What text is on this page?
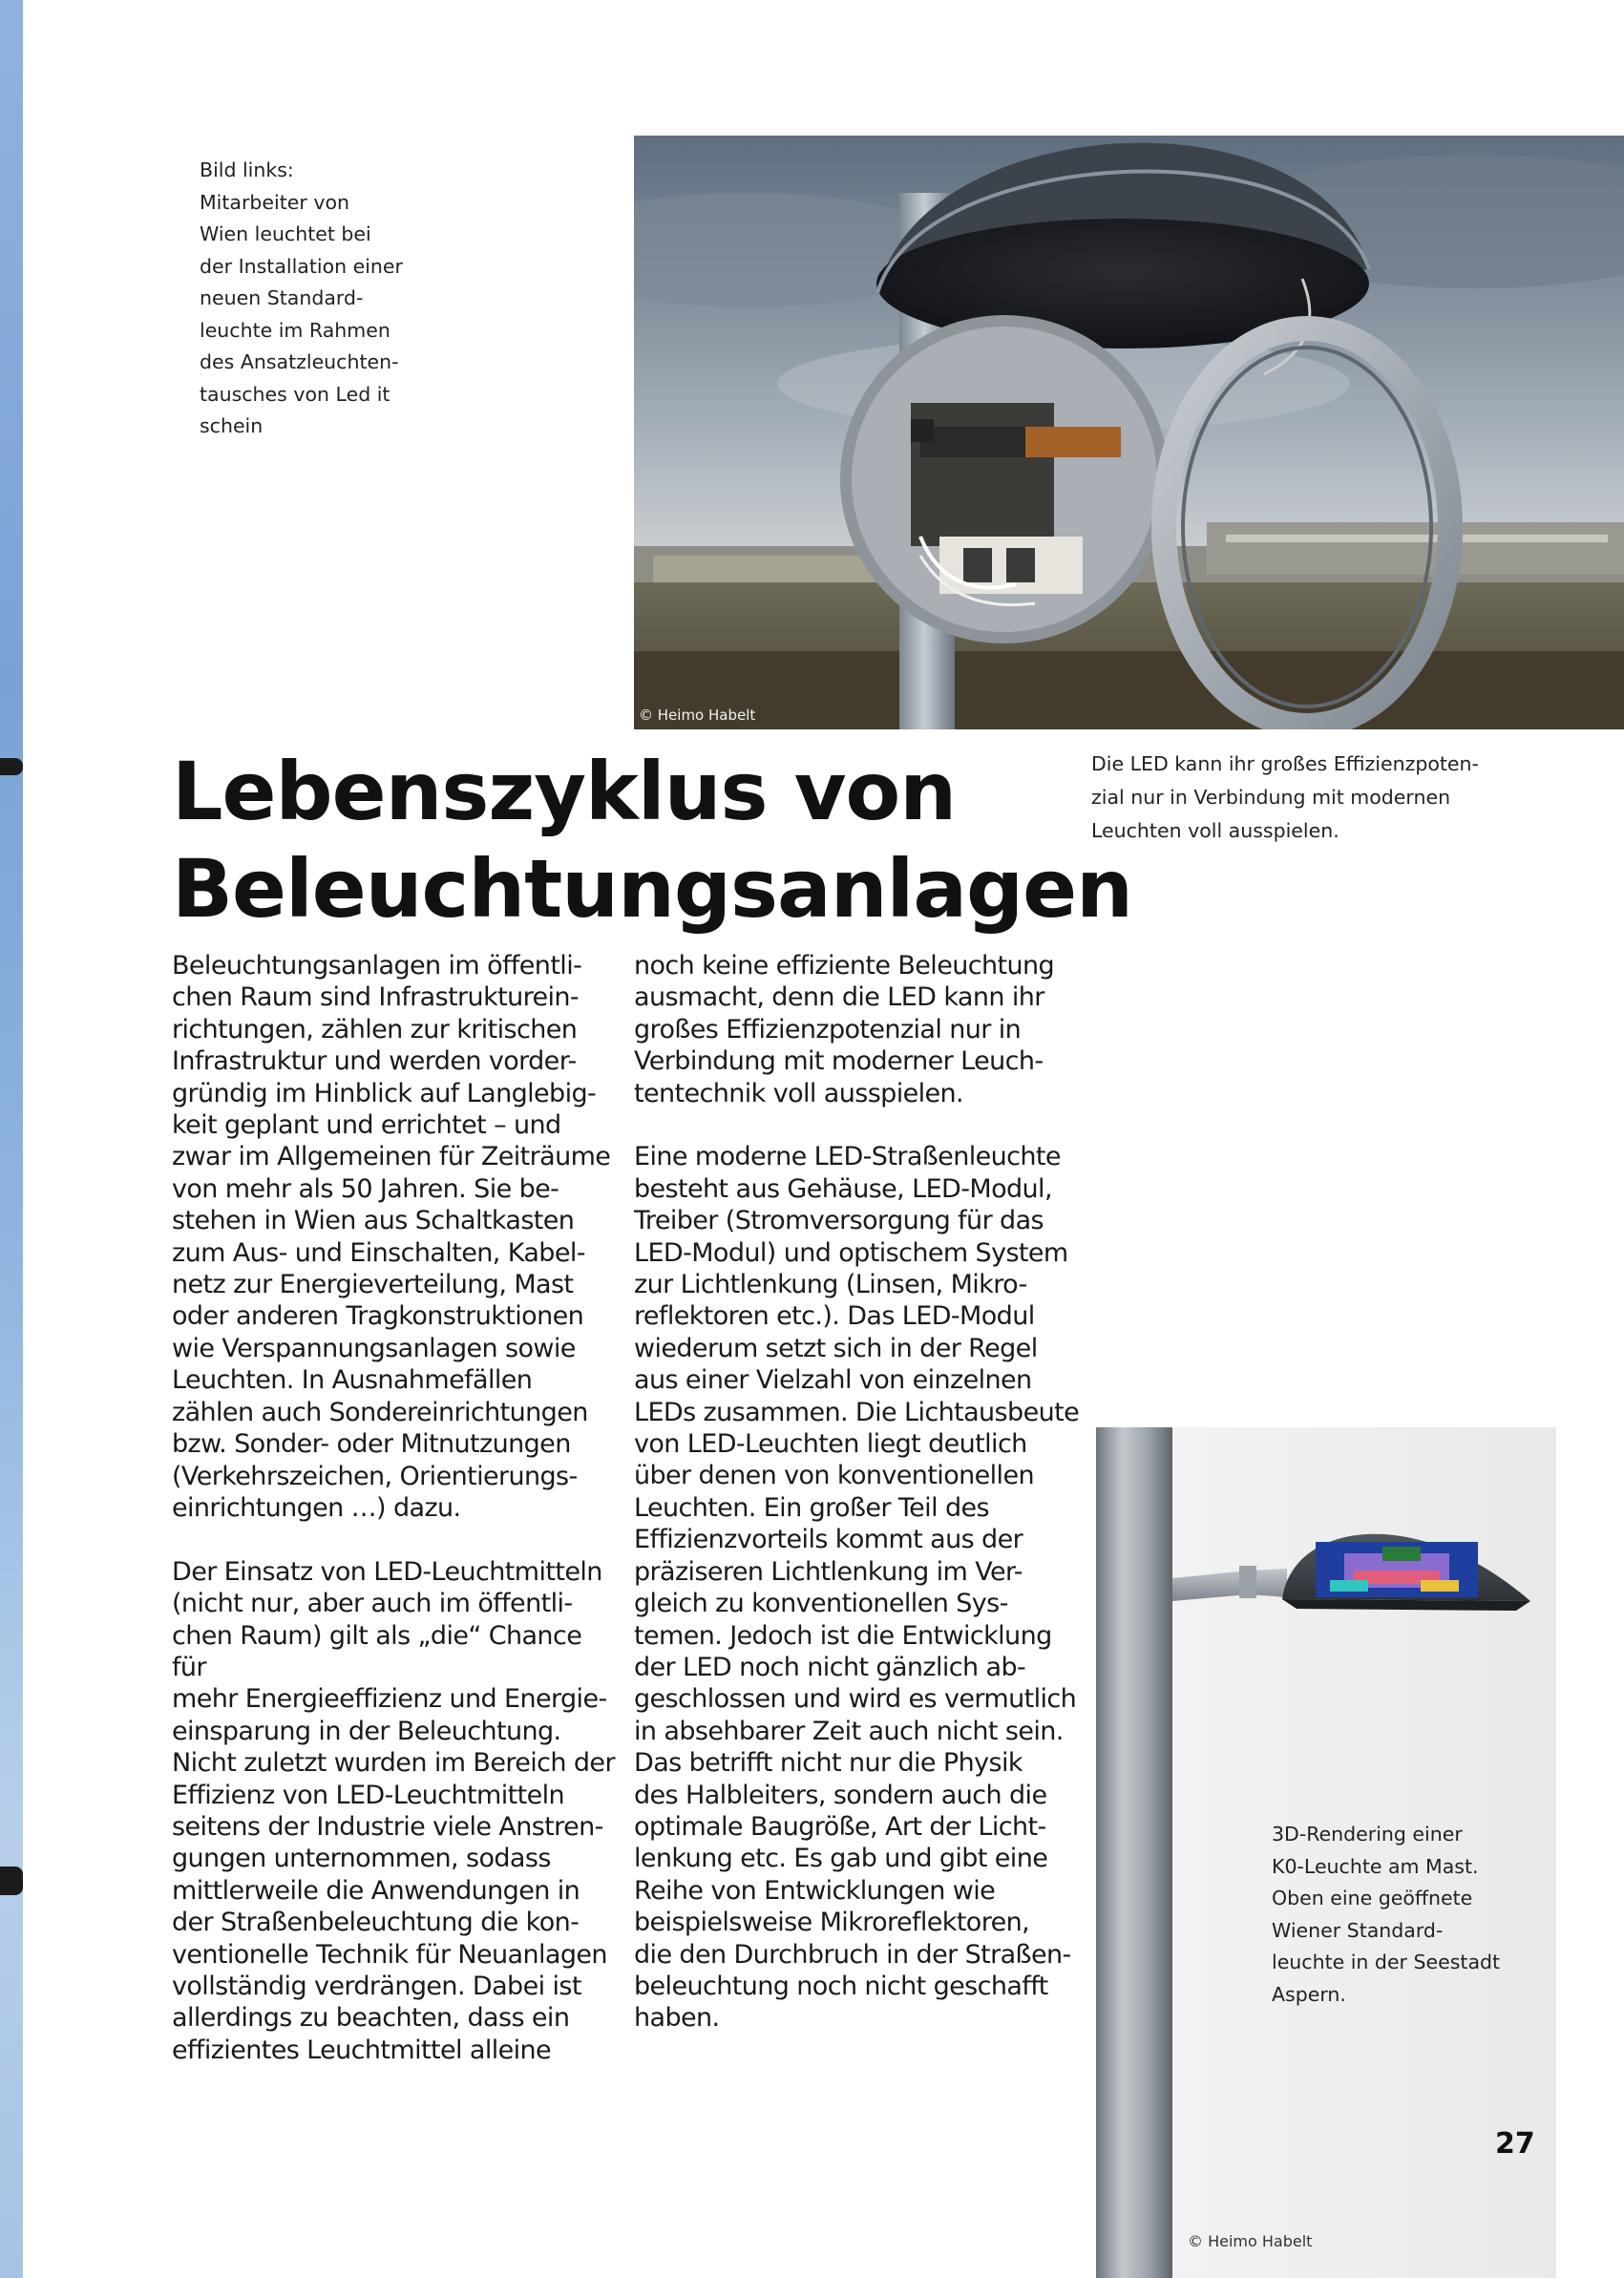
Bild links:
Mitarbeiter von
Wien leuchtet bei
der Installation einer
neuen Standard-
leuchte im Rahmen
des Ansatzleuchten-
tausches von Led it
schein
© Heimo Habelt
Die LED kann ihr großes Effizienzpoten-
zial nur in Verbindung mit modernen
Leuchten voll ausspielen.
Lebenszyklus von
Beleuchtungsanlagen

Beleuchtungsanlagen im öffentli-
chen Raum sind Infrastrukturein-
richtungen, zählen zur kritischen
Infrastruktur und werden vorder-
gründig im Hinblick auf Langlebig-
keit geplant und errichtet – und
zwar im Allgemeinen für Zeiträume
von mehr als 50 Jahren. Sie be-
stehen in Wien aus Schaltkasten
zum Aus- und Einschalten, Kabel-
netz zur Energieverteilung, Mast
oder anderen Tragkonstruktionen
wie Verspannungsanlagen sowie
Leuchten. In Ausnahmefällen
zählen auch Sondereinrichtungen
bzw. Sonder- oder Mitnutzungen
(Verkehrszeichen, Orientierungs-
einrichtungen …) dazu.

Der Einsatz von LED-Leuchtmitteln
(nicht nur, aber auch im öffentli-
chen Raum) gilt als „die“ Chance für
mehr Energieeffizienz und Energie-
einsparung in der Beleuchtung.
Nicht zuletzt wurden im Bereich der
Effizienz von LED-Leuchtmitteln
seitens der Industrie viele Anstren-
gungen unternommen, sodass
mittlerweile die Anwendungen in
der Straßenbeleuchtung die kon-
ventionelle Technik für Neuanlagen
vollständig verdrängen. Dabei ist
allerdings zu beachten, dass ein
effizientes Leuchtmittel alleine

noch keine effiziente Beleuchtung
ausmacht, denn die LED kann ihr
großes Effizienzpotenzial nur in
Verbindung mit moderner Leuch-
tentechnik voll ausspielen.

Eine moderne LED-Straßenleuchte
besteht aus Gehäuse, LED-Modul,
Treiber (Stromversorgung für das
LED-Modul) und optischem System
zur Lichtlenkung (Linsen, Mikro-
reflektoren etc.). Das LED-Modul
wiederum setzt sich in der Regel
aus einer Vielzahl von einzelnen
LEDs zusammen. Die Lichtausbeute
von LED-Leuchten liegt deutlich
über denen von konventionellen
Leuchten. Ein großer Teil des
Effizienzvorteils kommt aus der
präziseren Lichtlenkung im Ver-
gleich zu konventionellen Sys-
temen. Jedoch ist die Entwicklung
der LED noch nicht gänzlich ab-
geschlossen und wird es vermutlich
in absehbarer Zeit auch nicht sein.
Das betrifft nicht nur die Physik
des Halbleiters, sondern auch die
optimale Baugröße, Art der Licht-
lenkung etc. Es gab und gibt eine
Reihe von Entwicklungen wie
beispielsweise Mikroreflektoren,
die den Durchbruch in der Straßen-
beleuchtung noch nicht geschafft
haben.

3D-Rendering einer
K0-Leuchte am Mast.
Oben eine geöffnete
Wiener Standard-
leuchte in der Seestadt
Aspern.
27
© Heimo Habelt
